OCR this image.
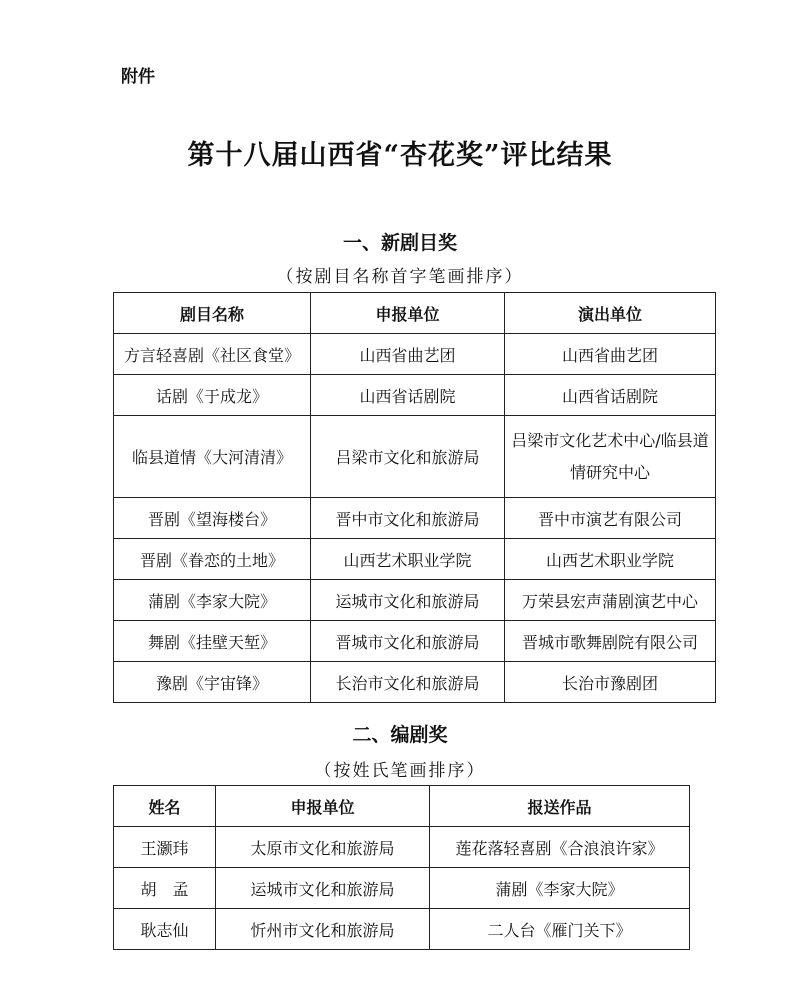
附件
第十八届山西省“杏花奖”评比结果
一、新剧目奖
（按剧目名称首字笔画排序）
剧目名称	申报单位	演出单位
方言轻喜剧《社区食堂》	山西省曲艺团	山西省曲艺团
话剧《于成龙》	山西省话剧院	山西省话剧院
临县道情《大河清清》	吕梁市文化和旅游局	吕梁市文化艺术中心/临县道情研究中心
晋剧《望海楼台》	晋中市文化和旅游局	晋中市演艺有限公司
晋剧《眷恋的土地》	山西艺术职业学院	山西艺术职业学院
蒲剧《李家大院》	运城市文化和旅游局	万荣县宏声蒲剧演艺中心
舞剧《挂壁天堑》	晋城市文化和旅游局	晋城市歌舞剧院有限公司
豫剧《宇宙锋》	长治市文化和旅游局	长治市豫剧团
二、编剧奖
（按姓氏笔画排序）
姓名	申报单位	报送作品
王灏玮	太原市文化和旅游局	莲花落轻喜剧《合浪浪许家》
胡　孟	运城市文化和旅游局	蒲剧《李家大院》
耿志仙	忻州市文化和旅游局	二人台《雁门关下》
